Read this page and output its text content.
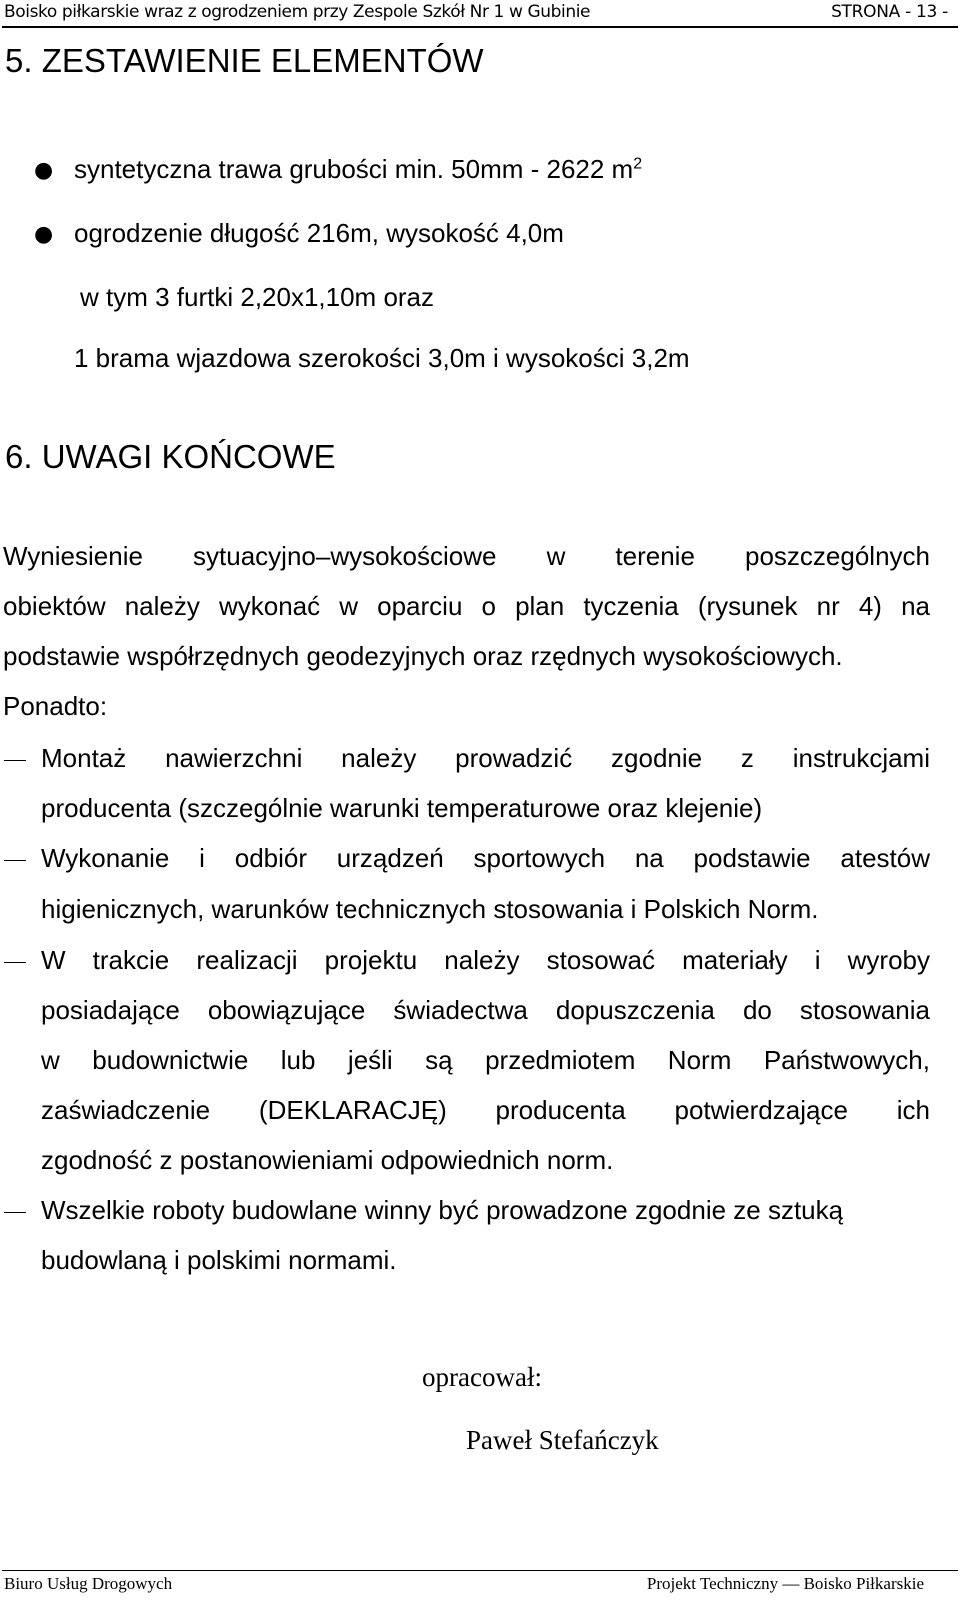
Boisko piłkarskie wraz z ogrodzeniem przy Zespole Szkół Nr 1 w Gubinie	STRONA - 13 -
5. ZESTAWIENIE ELEMENTÓW
● syntetyczna trawa grubości min. 50mm - 2622 $m^2$
● ogrodzenie długość 216m, wysokość 4,0m
w tym 3 furtki 2,20x1,10m oraz
1 brama wjazdowa szerokości 3,0m i wysokości 3,2m
6. UWAGI KOŃCOWE
Wyniesienie sytuacyjno–wysokościowe w terenie poszczególnych
obiektów należy wykonać w oparciu o plan tyczenia (rysunek nr 4) na
podstawie współrzędnych geodezyjnych oraz rzędnych wysokościowych.
Ponadto:
Montaż nawierzchni należy prowadzić zgodnie z instrukcjami
producenta (szczególnie warunki temperaturowe oraz klejenie)
Wykonanie i odbiór urządzeń sportowych na podstawie atestów
higienicznych, warunków technicznych stosowania i Polskich Norm.
W trakcie realizacji projektu należy stosować materiały i wyroby
posiadające obowiązujące świadectwa dopuszczenia do stosowania
w budownictwie lub jeśli są przedmiotem Norm Państwowych,
zaświadczenie (DEKLARACJĘ) producenta potwierdzające ich
zgodność z postanowieniami odpowiednich norm.
Wszelkie roboty budowlane winny być prowadzone zgodnie ze sztuką
budowlaną i polskimi normami.
opracował:
Paweł Stefańczyk
Biuro Usług Drogowych	Projekt Techniczny — Boisko Piłkarskie
